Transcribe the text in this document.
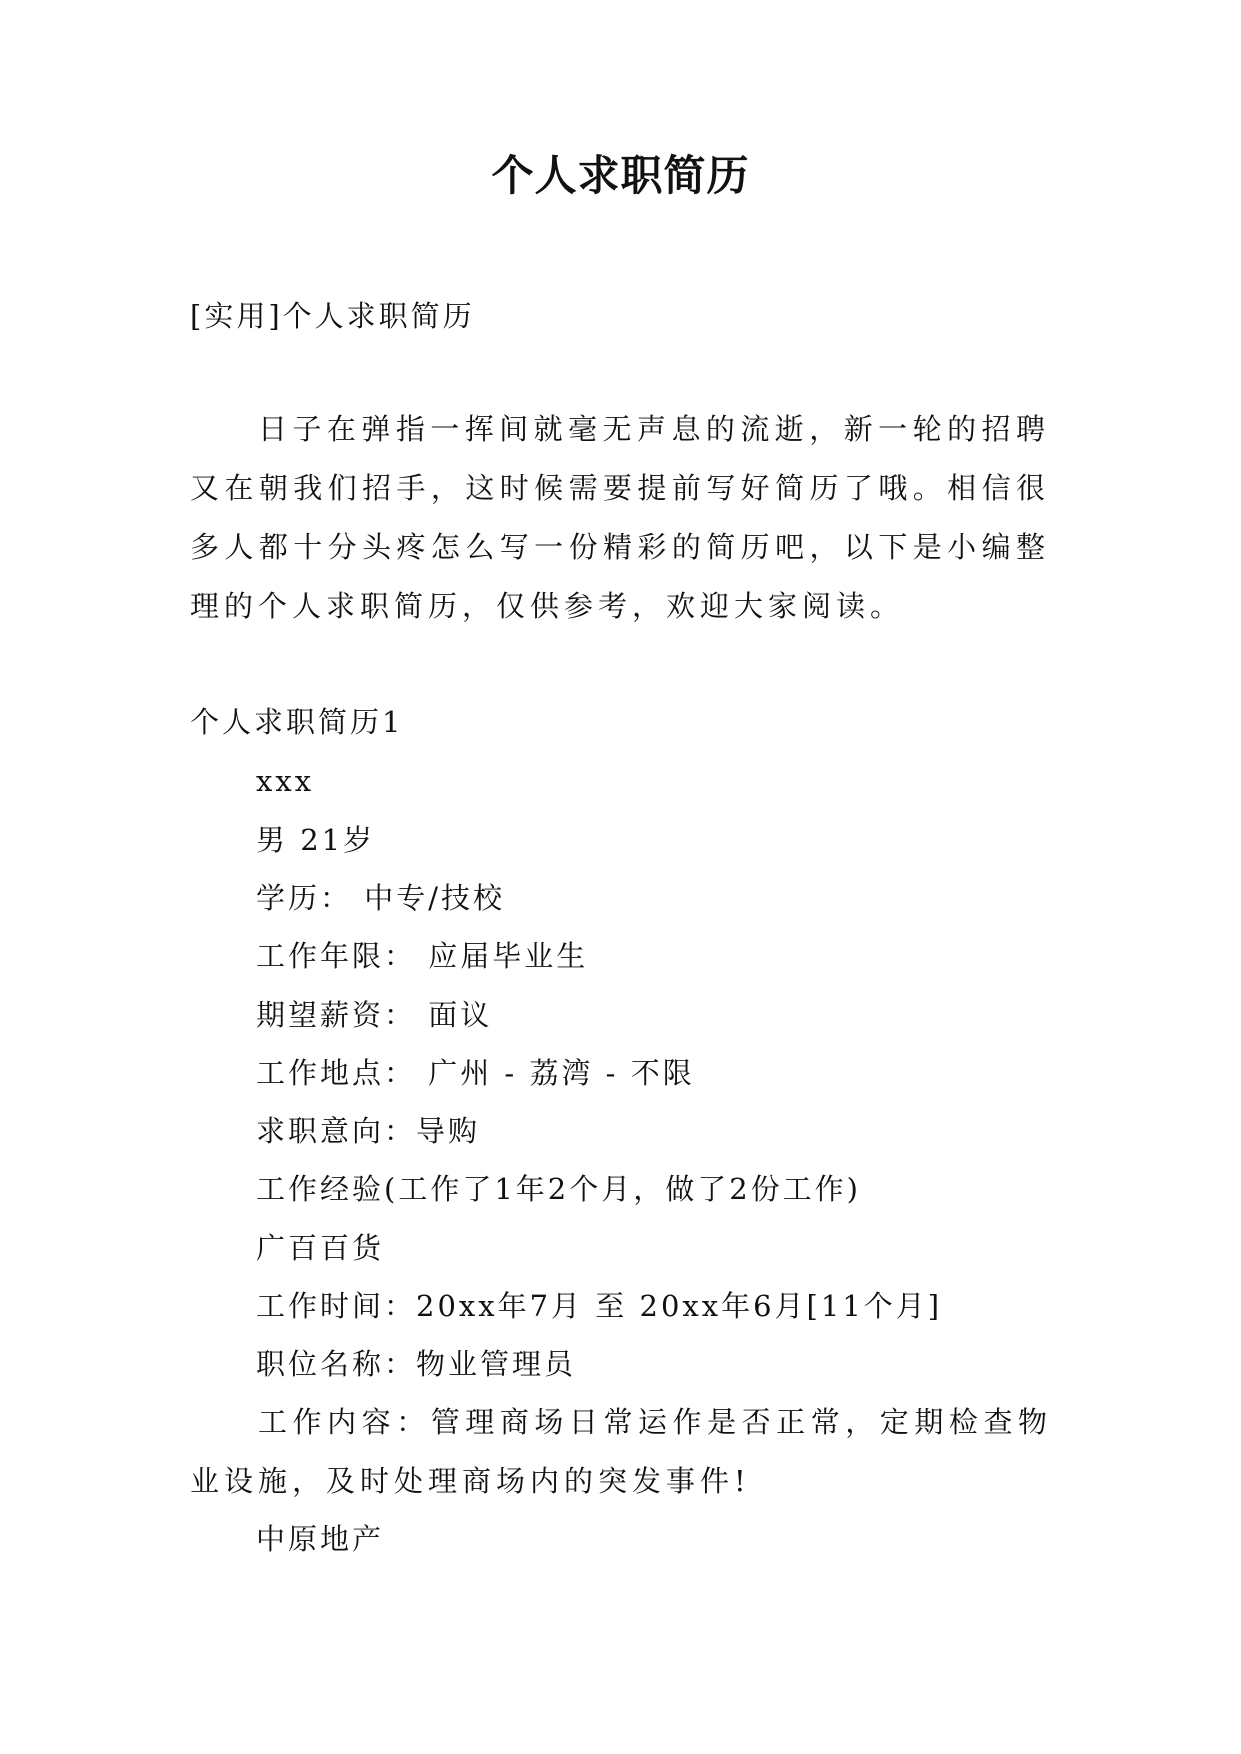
个人求职简历
[实用]个人求职简历
日子在弹指一挥间就毫无声息的流逝，新一轮的招聘又在朝我们招手，这时候需要提前写好简历了哦。相信很多人都十分头疼怎么写一份精彩的简历吧，以下是小编整理的个人求职简历，仅供参考，欢迎大家阅读。
个人求职简历1
xxx
男 21岁
学历： 中专/技校
工作年限： 应届毕业生
期望薪资： 面议
工作地点： 广州 - 荔湾 - 不限
求职意向：导购
工作经验(工作了1年2个月，做了2份工作)
广百百货
工作时间：20xx年7月 至 20xx年6月[11个月]
职位名称：物业管理员
工作内容：管理商场日常运作是否正常，定期检查物业设施，及时处理商场内的突发事件!
中原地产
